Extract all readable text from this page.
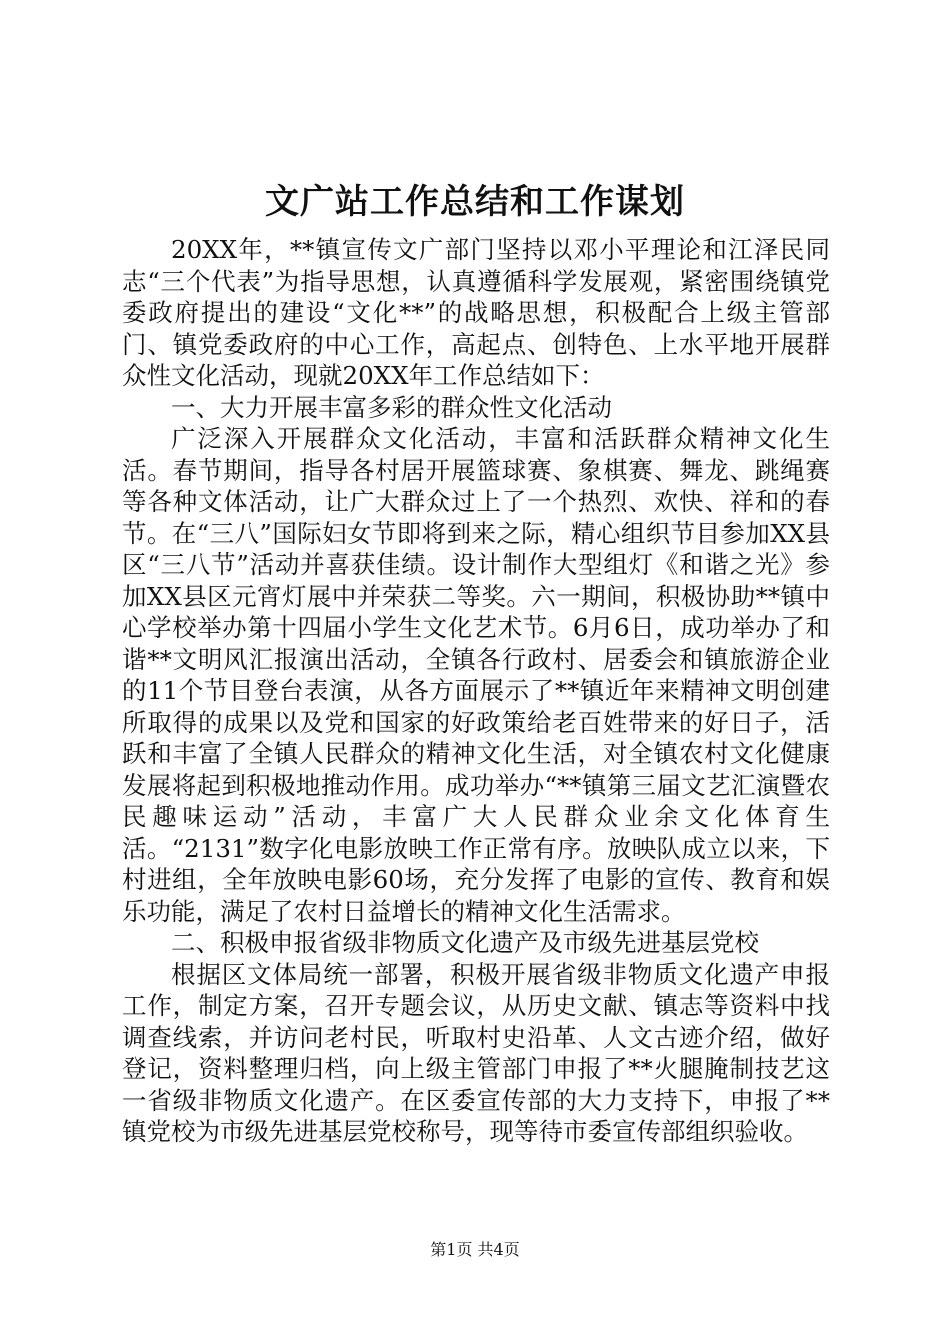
文广站工作总结和工作谋划

20XX年，**镇宣传文广部门坚持以邓小平理论和江泽民同志“三个代表”为指导思想，认真遵循科学发展观，紧密围绕镇党委政府提出的建设“文化**”的战略思想，积极配合上级主管部门、镇党委政府的中心工作，高起点、创特色、上水平地开展群众性文化活动，现就20XX年工作总结如下：

一、大力开展丰富多彩的群众性文化活动

广泛深入开展群众文化活动，丰富和活跃群众精神文化生活。春节期间，指导各村居开展篮球赛、象棋赛、舞龙、跳绳赛等各种文体活动，让广大群众过上了一个热烈、欢快、祥和的春节。在“三八”国际妇女节即将到来之际，精心组织节目参加XX县区“三八节”活动并喜获佳绩。设计制作大型组灯《和谐之光》参加XX县区元宵灯展中并荣获二等奖。六一期间，积极协助**镇中心学校举办第十四届小学生文化艺术节。6月6日，成功举办了和谐**文明风汇报演出活动，全镇各行政村、居委会和镇旅游企业的11个节目登台表演，从各方面展示了**镇近年来精神文明创建所取得的成果以及党和国家的好政策给老百姓带来的好日子，活跃和丰富了全镇人民群众的精神文化生活，对全镇农村文化健康发展将起到积极地推动作用。成功举办“**镇第三届文艺汇演暨农民趣味运动”活动，丰富广大人民群众业余文化体育生活。“2131”数字化电影放映工作正常有序。放映队成立以来，下村进组，全年放映电影60场，充分发挥了电影的宣传、教育和娱乐功能，满足了农村日益增长的精神文化生活需求。

二、积极申报省级非物质文化遗产及市级先进基层党校

根据区文体局统一部署，积极开展省级非物质文化遗产申报工作，制定方案，召开专题会议，从历史文献、镇志等资料中找调查线索，并访问老村民，听取村史沿革、人文古迹介绍，做好登记，资料整理归档，向上级主管部门申报了**火腿腌制技艺这一省级非物质文化遗产。在区委宣传部的大力支持下，申报了**镇党校为市级先进基层党校称号，现等待市委宣传部组织验收。

第1页 共4页
